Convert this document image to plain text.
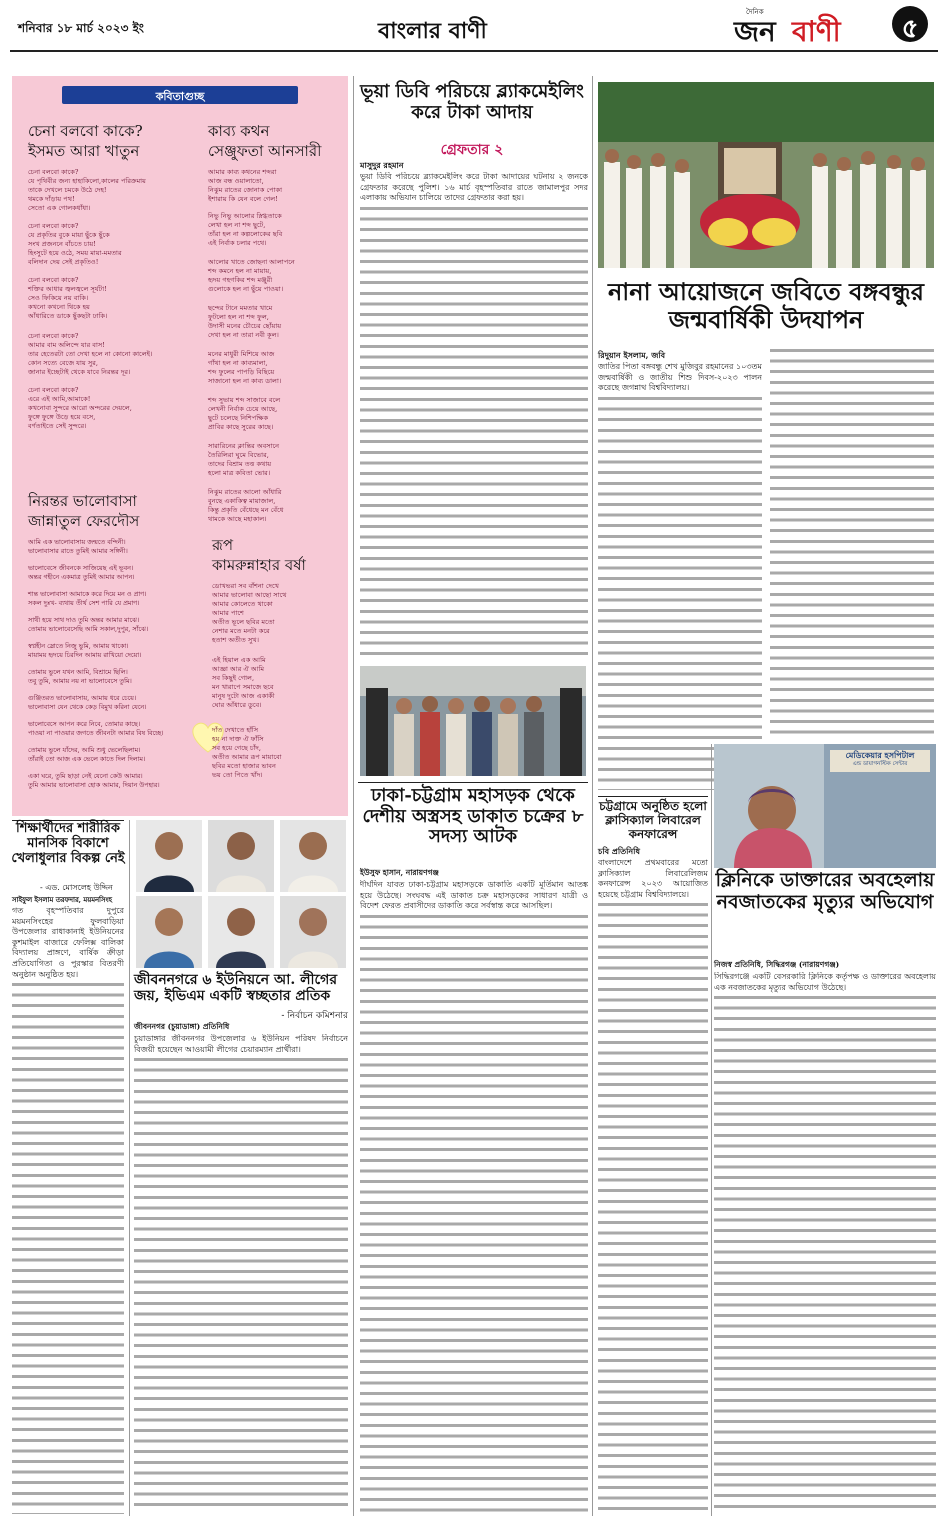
শনিবার ১৮ মার্চ ২০২৩ ইং	বাংলার বাণী
দৈনিক
জন বাণী ৫
কবিতাগুচ্ছ
চেনা বলবো কাকে?
ইসমত আরা খাতুন
চেনা বলবো কাকে?
যে পৃথিবীর জন্য হাহাকিলো,কালের পরিক্রমায়
তাকে দেখলে চমকে উঠে দেহ!
থমকে দাঁড়ায় পথ!
সেতো এক গোলকধাঁধা।
চেনা বলবো কাকে?
যে প্রকৃতির বুকে মায়া ছুঁকে ছুঁকে
সংখ প্রজননে বাঁচতে চায়!
হিংসুটে হয়ে ওঠে, সময় মায়া-মমতার
বলিদান দেয় সেই প্রকৃতিও!
চেনা বলবো কাকে?
শক্তির আধার জ্বলজ্বলে সূর্যটা!
সেও ফিকিয়ে নয় বাকি।
কখনো কখনো থিকে হয়
আঁধারিতে ডাকে ছুঁকছটা ঢাকি।
চেনা বলবো কাকে?
আমার বাম অলিন্দে যার বাস!
তার হেতেরটা তো দেখা হলে না কোনো কালেই।
কোন সত্যে বেজে যায় সুর,
জানার ইচ্ছেটাই থেকে যাবে নিরন্তর দূর।
চেনা বলবো কাকে?
এরে এই আমি,আমাকে!
কখনোবা সুন্দরে আরো অন্দরের দেয়লে,
ফুঙ্গে ফুঙ্গে উড়ে হয়ে বসে,
বর্ণতাইতে সেই সুন্দরে।
কাব্য কথন
সেঞ্জুফতা আনসারী
আমার কাব্য কথনের শব্দরা
আজ বন্ধ ওয়ালাতো,
নিঝুম রাতের জোনাক পোকা
ইশারায় কি যেন বলে গেল!
নিভু নিভু আলোর স্নিগ্ধতাকে
লেখা হল না শব্দ ছুটে,
তাঁরা হল না কল্পলোকের ছবি
এই নির্বাক চলার পথে।
আলোর খাতে জোছনা আলাপনে
শব্দ কমনে হল না মায়ায়,
হৃদয় গহগকির শব্দ মঞ্জুরী
গুলোকে হল না ছুঁয়ে পাওয়া।
ছন্দের টানে মমতার খামে
ফুটলো হল না শব্দ ফুল,
উদাসী মনের চৌচের ছোঁয়ায়
দেখা হল না তারা নবী কূল।
মনের মাধুরী মিশিয়ে আজ
গাঁথা হল না কাব্যমালা,
শব্দ ফুলের পাপড়ি বিছিয়ে
সাজানো হল না কাব্য ডালা।
শব্দ সুভায় শব্দ সাজাবে বলে
লেখনী নির্বাক চেয়ে আছে,
ছুটে চলেছে নিশিপক্ষিক
প্রাবির কাছে সুরের কাছে।
সারারিনের ক্লান্তির অবসানে
তৈরিলিরা ঘুমে বিভোর,
তাদের বিশ্রাম তত্ত কথায়
হলো মাত্র কবিতা ভোর।
নিঝুম রাতের আলো আঁধারি
বুনছে একাকিত্ব মায়াজাল,
কিন্তু প্রকৃতি বেঁধেছে মন বেঁধে
থামকে আছে মহাকাল।
নিরন্তর ভালোবাসা
জান্নাতুল ফেরদৌস
আমি এক ভালোবাসায় জন্মতে বন্দিনী।
ভালোবাসার রাতে তুমিই আমার সঙ্গিনী।
ভালোবেসে জীবনকে সাজিয়েছ এই ভূবন।
অন্তর গহীনে একমাত্র তুমিই আমার আপন।
শান্ত ভালোবাসা আমাকে করে দিয়ে মন ও প্রাণ।
সকল দুঃখ- ব্যথায় তীর্থ সেশ পারি যে প্রমাণ।
সাথী হয়ে সাথ দাও তুমি অন্তর আমার মাঝে।
তোমায় ভালোবেসেছি আমি সকাল,দুপুর, সাঁঝে।
স্বপ্নহীন স্লোতে নিজু ভুমি, আমায় থাকো।
মায়াময় হৃদয়ে চিরদিন আমায় রাখিয়ো দেয়ো।
তোমায় ভুলে যখন আমি, বিশ্রামে ছিলি।
তবু তুমি, আমায় নয় না ভালোবেসে তুমি।
গুঞ্জিতরত ভালোবাসায়, আমায় ধরে চেয়ে।
ভালোবাসা যেন থেকে কেড় বিমুখ করিনা যেনে।
ভালোবেসে আপন করে নিবে, তোমার কাছে।
পাওয়া না পাওয়ার জগতে জীবনটা আমার বিষ বিচ্ছে।
তোমায় ভুলে যাঁদের, আমি শুধু ভেলেছিলাম।
তাঁরাই তো আজ এক ভেলে কাতে দিল দিলাম।
একা ঘরে, তুমি ছাড়া নেই যেনো কেউ আমার।
তুমি আমার ভালোবাসা হোক আমার, দিয়ান উপহার।
রূপ
কামরুন্নাহার বর্ষা
ডোখভরা সব বাঁশনা দেখে
আমার ভালোবা আছো সাথে
আমার কোলেতে থাকো
আমার পাশে
অতীত ভূলে ছবির মতো
নেশার মতে মনটা করে
হতাশ অতীত সুখ।
এই হিয়াল এক আমি
আজ্ঞা আর ঐ আমি
সব কিছুই গোল,
মন খারাপে সমাজে ছবে
মানুষ দুটো আজ একাকী
ঘোর আঁধারে ডুবে।
দাঁত দেখাতে হাঁসি
হয় না দাক্ত ঐ ফাঁসি
সব হয়ে গেছে চাঁদ,
অতীত আমার রূপ মায়াবো
ছবির মতো হাজার ভাবন
ভয় তো পিতে খাঁদ।
ভূয়া ডিবি পরিচয়ে ব্ল্যাকমেইলিং করে টাকা আদায়
গ্রেফতার ২
মাসুদুর রহমান
ভুয়া ডিবি পরিচয়ে ব্ল্যাকমেইলিং করে টাকা আদায়ের ঘটনায় ২ জনকে গ্রেফতার করেছে পুলিশ। ১৬ মার্চ বৃহস্পতিবার রাতে জামালপুর সদর এলাকায় অভিযান চালিয়ে তাদের গ্রেফতার করা হয়।
ঢাকা-চট্টগ্রাম মহাসড়ক থেকে দেশীয় অস্ত্রসহ ডাকাত চক্রের ৮ সদস্য আটক
নানা আয়োজনে জবিতে বঙ্গবন্ধুর জন্মবার্ষিকী উদযাপন
রিদুয়ান ইসলাম, জবি
জাতির পিতা বঙ্গবন্ধু শেখ মুজিবুর রহমানের ১০৩তম জন্মবার্ষিকী ও জাতীয় শিশু দিবস-২০২৩ পালন করেছে জগন্নাথ বিশ্ববিদ্যালয়।
চট্টগ্রামে অনুষ্ঠিত হলো ক্লাসিক্যাল লিবারেল কনফারেন্স
চবি প্রতিনিধি
বাংলাদেশে প্রথমবারের মতো ক্লাসিক্যাল লিবারেলিজম কনফারেন্স ২০২৩ আয়োজিত হয়েছে চট্টগ্রাম বিশ্ববিদ্যালয়ে।
মেডিকেয়ার হসপিটাল
এন্ড ডায়াগনস্টিক সেন্টার
ক্লিনিকে ডাক্তারের অবহেলায় নবজাতকের মৃত্যুর অভিযোগ
নিজস্ব প্রতিনিধি, সিদ্ধিরগঞ্জ (নারায়ণগঞ্জ)
সিদ্ধিরগঞ্জে একটি বেসরকারি ক্লিনিকে কর্তৃপক্ষ ও ডাক্তারের অবহেলায় এক নবজাতকের মৃত্যুর অভিযোগ উঠেছে।
শিক্ষার্থীদের শারীরিক মানসিক বিকাশে খেলাধুলার বিকল্প নেই
- এড. মোসলেহ উদ্দিন
সাইফুল ইসলাম তরফদার, ময়মনসিংহ
গত বৃহস্পতিবার দুপুরে ময়মনসিংহের ফুলবাড়িয়া উপজেলার রাধাকানাই ইউনিয়নের কুশমাইল বাজারে ফেলিক্স বালিকা বিদ্যালয় প্রাঙ্গণে, বার্ষিক ক্রীড়া প্রতিযোগিতা ও পুরস্কার বিতরণী অনুষ্ঠান অনুষ্ঠিত হয়।	জীবননগরে ৬ ইউনিয়নে আ. লীগের জয়, ইভিএম একটি স্বচ্ছতার প্রতিক
- নির্বাচন কমিশনার
জীবননগর (চুয়াডাঙ্গা) প্রতিনিধি
চুয়াডাঙ্গার জীবননগর উপজেলার ৬ ইউনিয়ন পরিষদ নির্বাচনে বিজয়ী হয়েছেন আওয়ামী লীগের চেয়ারম্যান প্রার্থীরা।
ইউসুফ হাসান, নারায়ণগঞ্জ
দীর্ঘদিন যাবত ঢাকা-চট্টগ্রাম মহাসড়কে ডাকাতি একটি মূর্তিমান আতঙ্ক হয়ে উঠেছে। সংঘবদ্ধ এই ডাকাত চক্র মহাসড়কের সাধারণ যাত্রী ও বিদেশ ফেরত প্রবাসীদের ডাকাতি করে সর্বস্বান্ত করে আসছিল।
